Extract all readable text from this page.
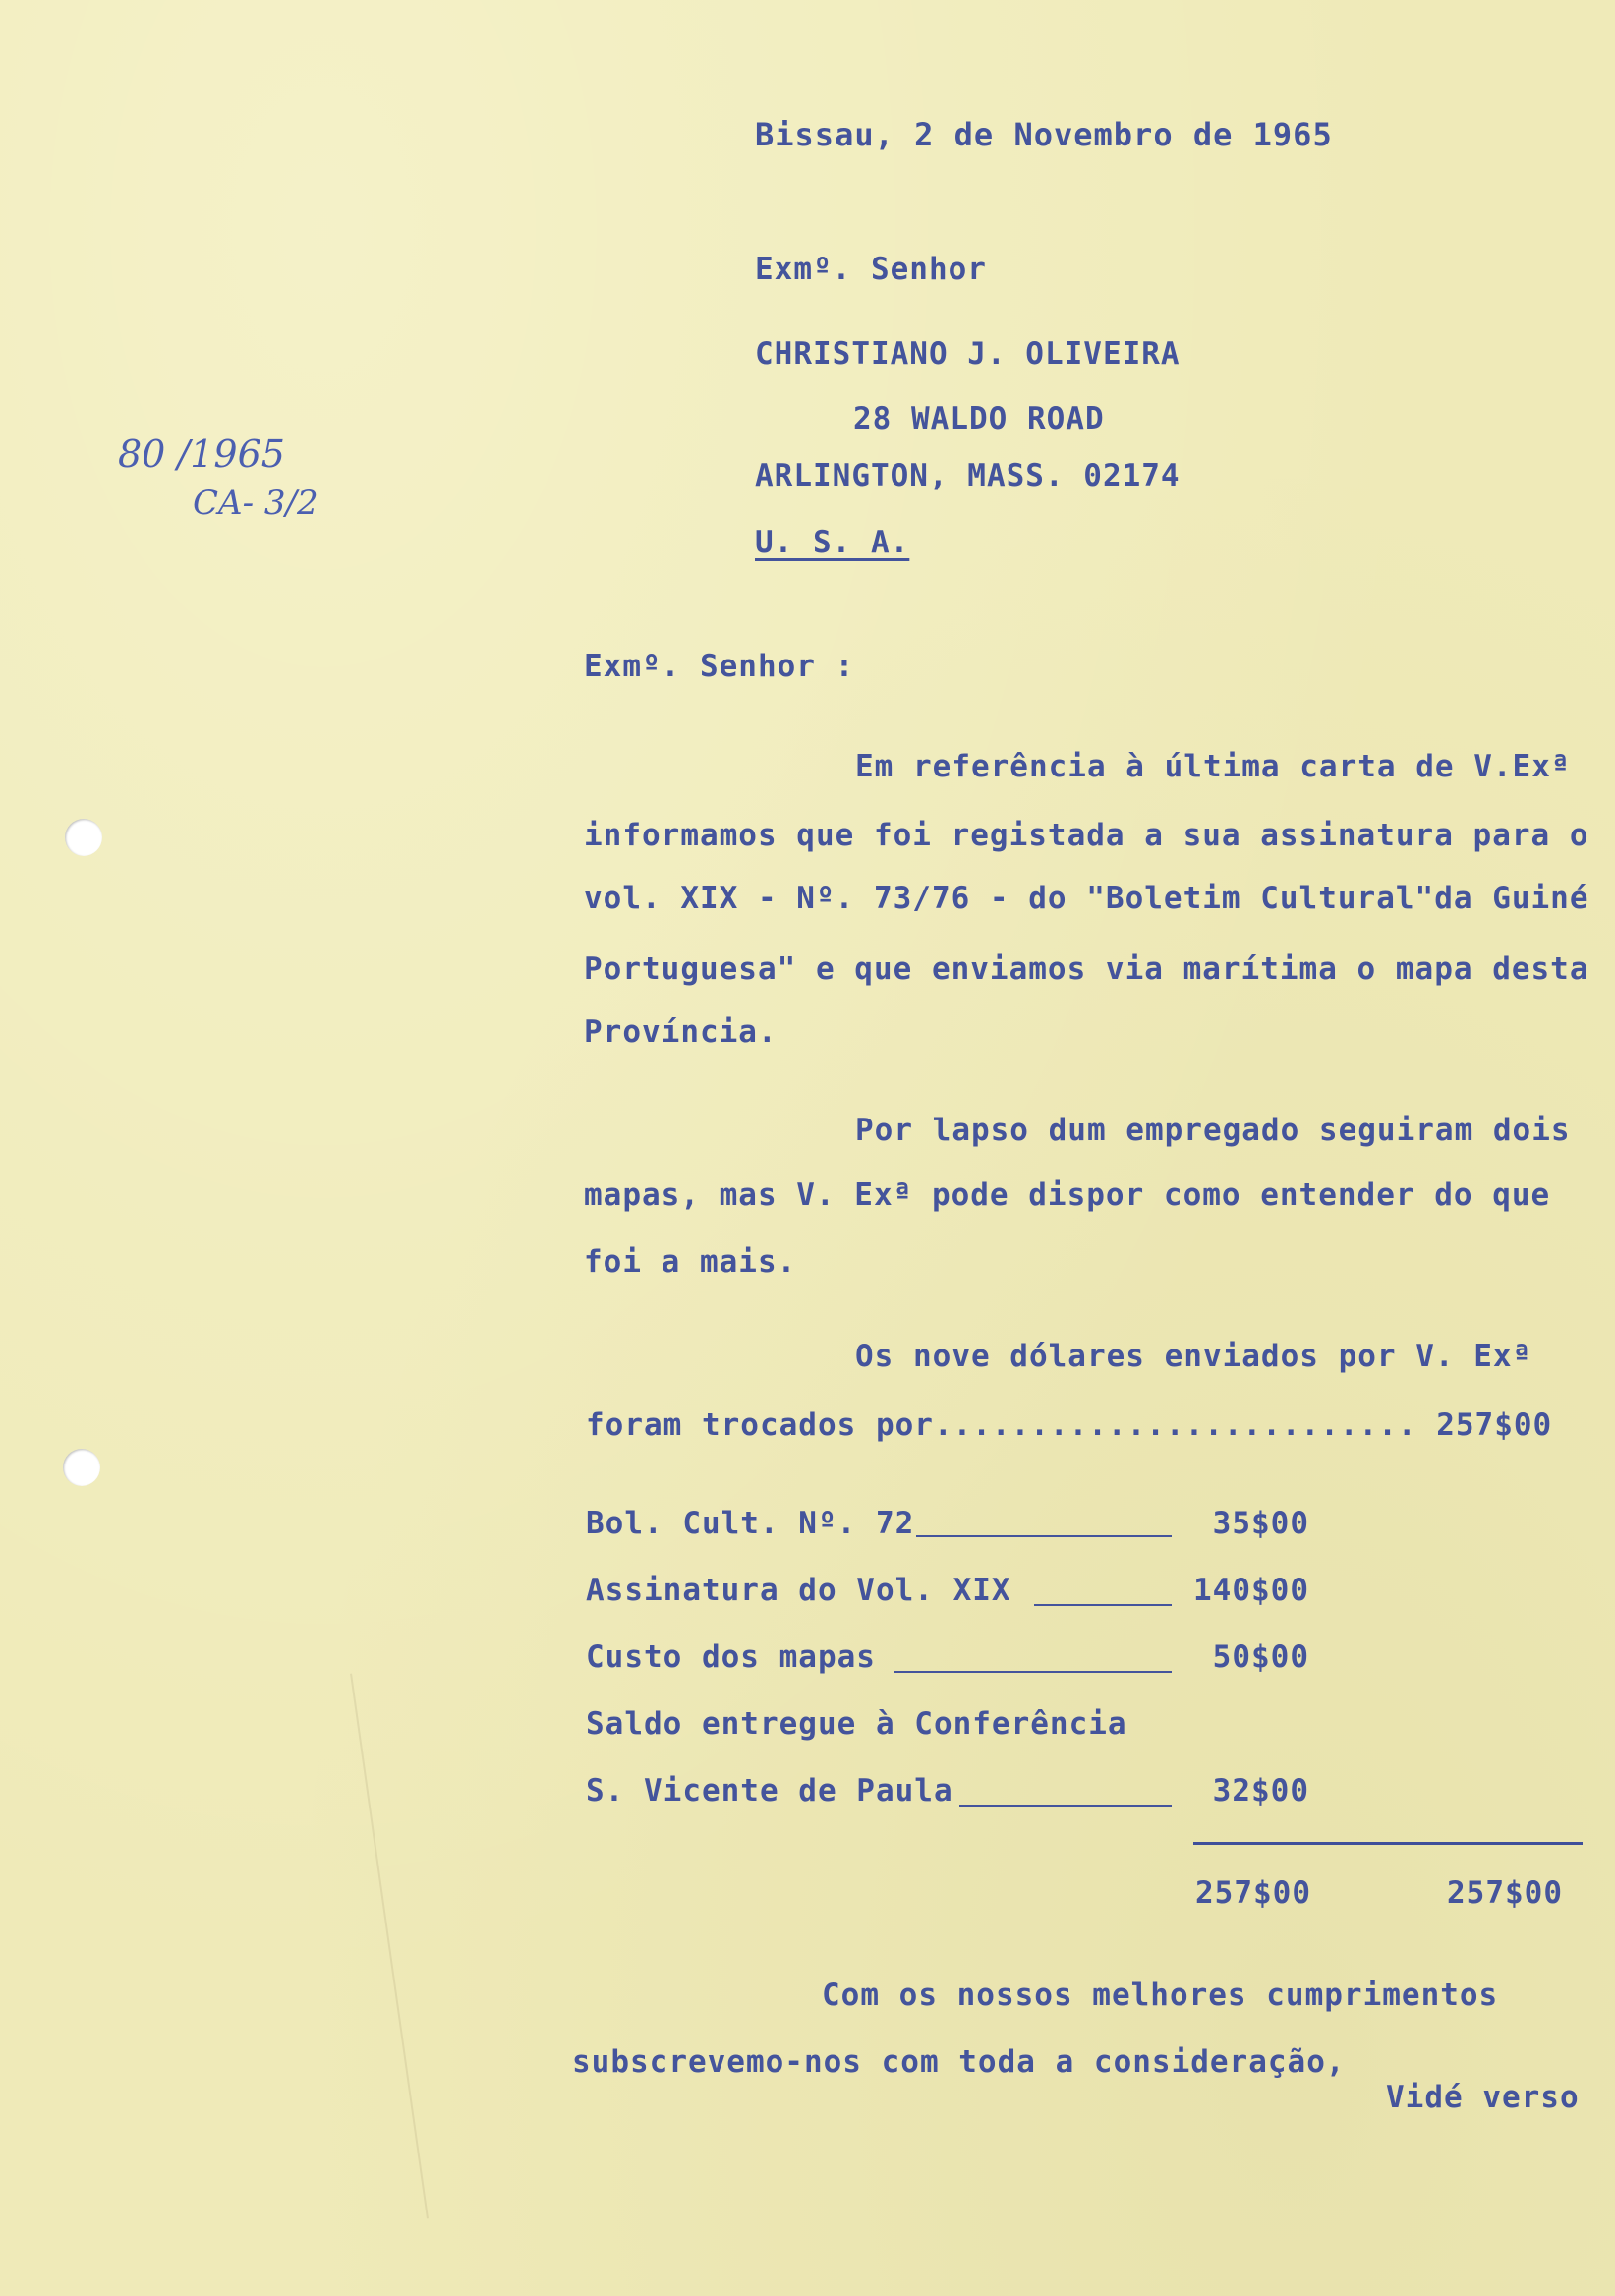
Bissau, 2 de Novembro de 1965
Exmº. Senhor
CHRISTIANO J. OLIVEIRA
28 WALDO ROAD
ARLINGTON, MASS. 02174
U. S. A.
80 /1965
CA- 3/2
Exmº. Senhor :
Em referência à última carta de V.Exª
informamos que foi registada a sua assinatura para o
vol. XIX - Nº. 73/76 - do "Boletim Cultural"da Guiné
Portuguesa" e que enviamos via marítima o mapa desta
Província.
Por lapso dum empregado seguiram dois
mapas, mas V. Exª pode dispor como entender do que
foi a mais.
Os nove dólares enviados por V. Exª
foram trocados por......................... 257$00
Bol. Cult. Nº. 72	35$00
Assinatura do Vol. XIX	140$00
Custo dos mapas	50$00
Saldo entregue à Conferência
S. Vicente de Paula	32$00
257$00	257$00
Com os nossos melhores cumprimentos
subscrevemo-nos com toda a consideração,
Vidé verso
